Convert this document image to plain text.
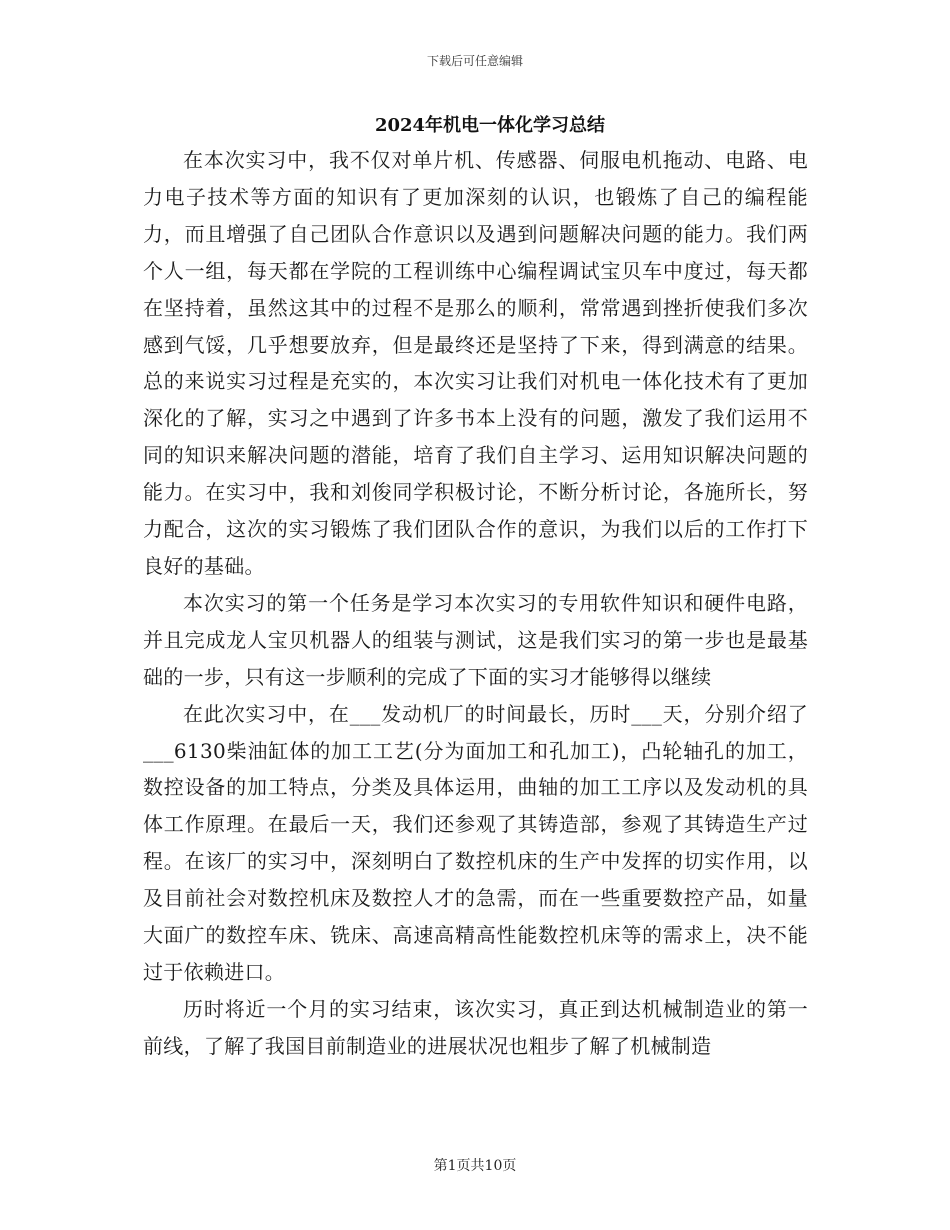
下载后可任意编辑
2024年机电一体化学习总结

在本次实习中，我不仅对单片机、传感器、伺服电机拖动、电路、电力电子技术等方面的知识有了更加深刻的认识，也锻炼了自己的编程能力，而且增强了自己团队合作意识以及遇到问题解决问题的能力。我们两个人一组，每天都在学院的工程训练中心编程调试宝贝车中度过，每天都在坚持着，虽然这其中的过程不是那么的顺利，常常遇到挫折使我们多次感到气馁，几乎想要放弃，但是最终还是坚持了下来，得到满意的结果。总的来说实习过程是充实的，本次实习让我们对机电一体化技术有了更加深化的了解，实习之中遇到了许多书本上没有的问题，激发了我们运用不同的知识来解决问题的潜能，培育了我们自主学习、运用知识解决问题的能力。在实习中，我和刘俊同学积极讨论，不断分析讨论，各施所长，努力配合，这次的实习锻炼了我们团队合作的意识，为我们以后的工作打下良好的基础。

本次实习的第一个任务是学习本次实习的专用软件知识和硬件电路，并且完成龙人宝贝机器人的组装与测试，这是我们实习的第一步也是最基础的一步，只有这一步顺利的完成了下面的实习才能够得以继续

在此次实习中，在___发动机厂的时间最长，历时___天，分别介绍了___6130柴油缸体的加工工艺(分为面加工和孔加工)，凸轮轴孔的加工，数控设备的加工特点，分类及具体运用，曲轴的加工工序以及发动机的具体工作原理。在最后一天，我们还参观了其铸造部，参观了其铸造生产过程。在该厂的实习中，深刻明白了数控机床的生产中发挥的切实作用，以及目前社会对数控机床及数控人才的急需，而在一些重要数控产品，如量大面广的数控车床、铣床、高速高精高性能数控机床等的需求上，决不能过于依赖进口。

历时将近一个月的实习结束，该次实习，真正到达机械制造业的第一前线，了解了我国目前制造业的进展状况也粗步了解了机械制造

第1页共10页
